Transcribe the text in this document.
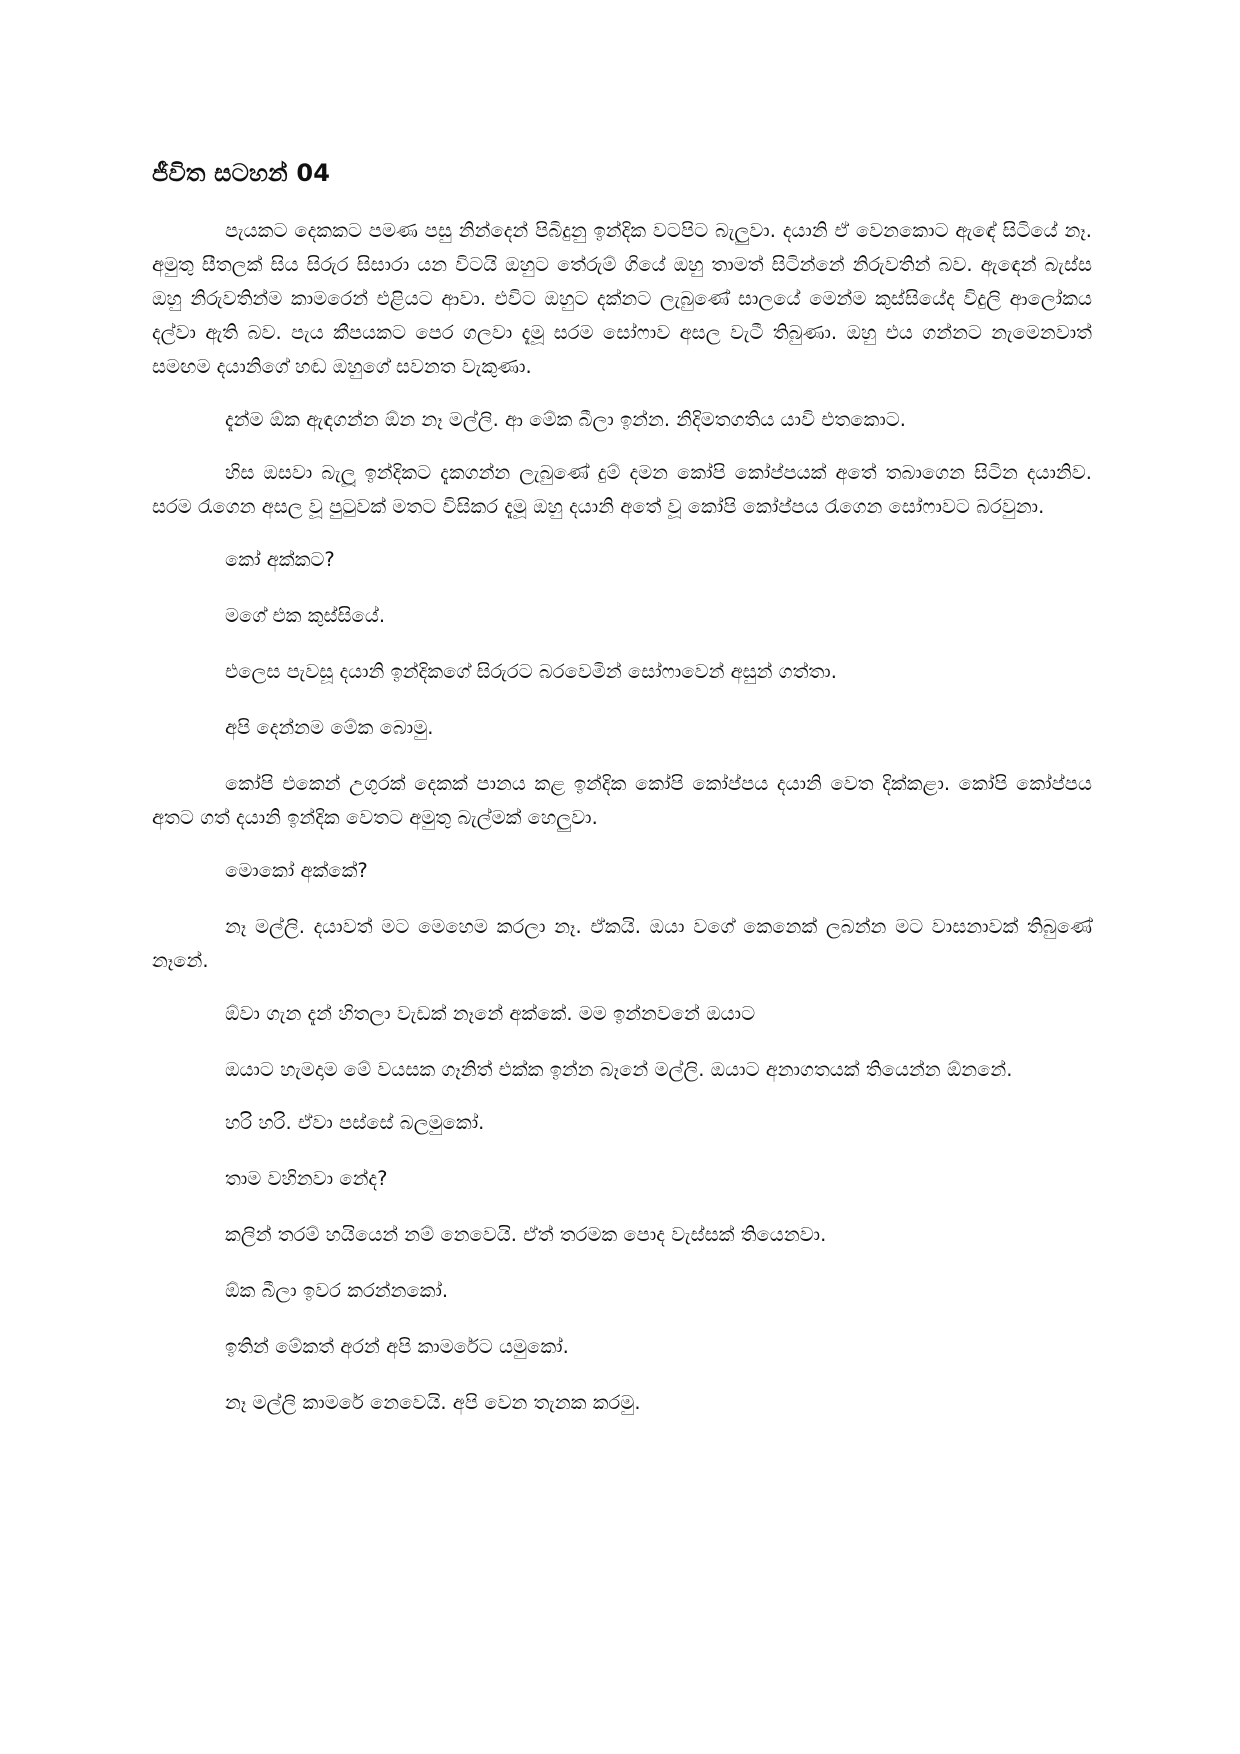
ජීවිත සටහන් 04

පැයකට දෙකකට පමණ පසු නින්දෙන් පිබිදුනු ඉන්දික වටපිට බැලුවා. දයානි ඒ වෙනකොට ඇඳේ සිටියේ නෑ. අමුතු සීතලක් සිය සිරුර සිසාරා යන විටයි ඔහුට තේරුම් ගියේ ඔහු තාමත් සිටින්නේ නිරුවතින් බව. ඇඳෙන් බැස්ස ඔහු නිරුවතින්ම කාමරෙන් එළියට ආවා. එවිට ඔහුට දක්නට ලැබුණේ සාලයේ මෙන්ම කුස්සියේද විදුලි ආලෝකය දල්වා ඇති බව. පැය කීපයකට පෙර ගලවා දැමූ සරම සෝෆාව අසල වැටී තිබුණා. ඔහු එය ගන්නට නැමෙනවාත් සමඟම දයානිගේ හඬ ඔහුගේ සවනත වැකුණා.

දැන්ම ඕක ඇඳගන්න ඕන නෑ මල්ලි. ආ මේක බීලා ඉන්න. නිදිමතගතිය යාවි එතකොට.

හිස ඔසවා බැලූ ඉන්දිකට දැකගන්න ලැබුණේ දුම් දමන කෝපි කෝප්පයක් අතේ තබාගෙන සිටින දයානිව. සරම රැගෙන අසල වූ පුටුවක් මතට විසිකර දැමූ ඔහු දයානි අතේ වූ කෝපි කෝප්පය රැගෙන සෝෆාවට බරවුනා.

කෝ අක්කට?

මගේ එක කුස්සියේ.

එලෙස පැවසූ දයානි ඉන්දිකගේ සිරුරට බරවෙමින් සෝෆාවෙන් අසුන් ගත්තා.

අපි දෙන්නම මේක බොමු.

කෝපි එකෙන් උගුරක් දෙකක් පානය කළ ඉන්දික කෝපි කෝප්පය දයානි වෙත දික්කළා. කෝපි කෝප්පය අතට ගත් දයානි ඉන්දික වෙතට අමුතු බැල්මක් හෙලුවා.

මොකෝ අක්කේ?

නෑ මල්ලි. දයාවත් මට මෙහෙම කරලා නෑ. ඒකයි. ඔයා වගේ කෙනෙක් ලබන්න මට වාසනාවක් තිබුණේ නෑනේ.

ඕවා ගැන දැන් හිතලා වැඩක් නෑනේ අක්කේ. මම ඉන්නවනේ ඔයාට

ඔයාට හැමදාම මේ වයසක ගෑනිත් එක්ක ඉන්න බෑනේ මල්ලි. ඔයාට අනාගතයක් තියෙන්න ඕනනේ.

හරි හරි. ඒවා පස්සේ බලමුකෝ.

තාම වහිනවා නේද?

කලින් තරම් හයියෙන් නම් නෙවෙයි. ඒත් තරමක පොද වැස්සක් තියෙනවා.

ඕක බීලා ඉවර කරන්නකෝ.

ඉතින් මේකත් අරන් අපි කාමරේට යමුකෝ.

නෑ මල්ලි කාමරේ නෙවෙයි. අපි වෙන තැනක කරමු.
